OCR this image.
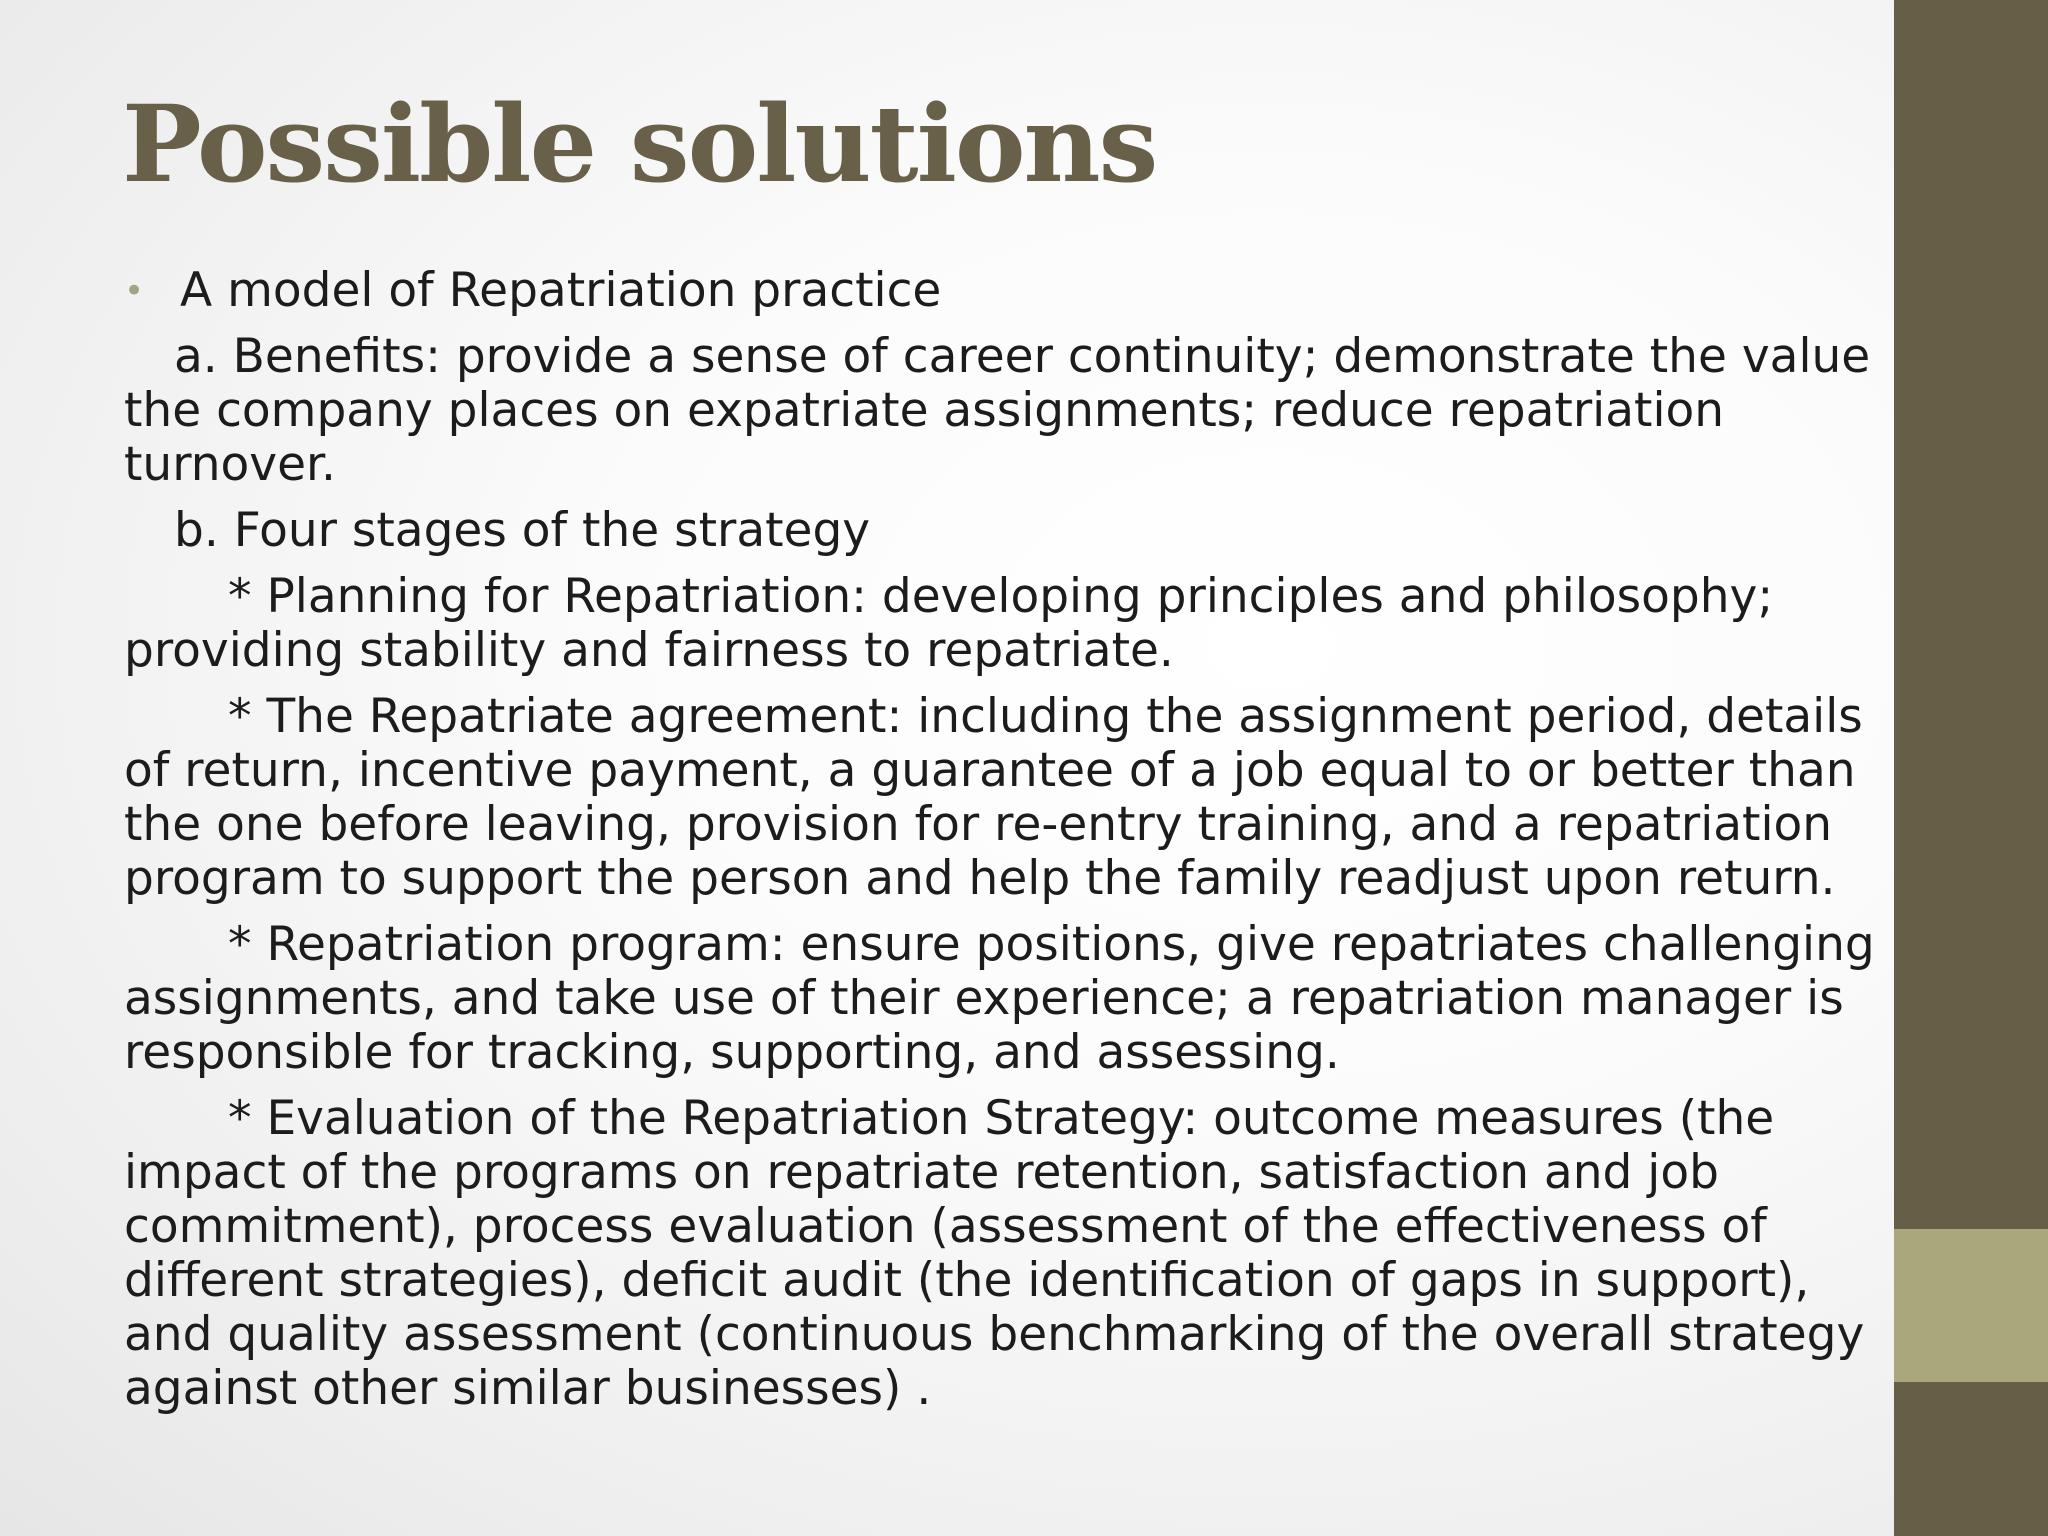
Possible solutions

• A model of Repatriation practice

a. Benefits: provide a sense of career continuity; demonstrate the value the company places on expatriate assignments; reduce repatriation turnover.

b. Four stages of the strategy

* Planning for Repatriation: developing principles and philosophy; providing stability and fairness to repatriate.

* The Repatriate agreement: including the assignment period, details of return, incentive payment, a guarantee of a job equal to or better than the one before leaving, provision for re-entry training, and a repatriation program to support the person and help the family readjust upon return.

* Repatriation program: ensure positions, give repatriates challenging assignments, and take use of their experience; a repatriation manager is responsible for tracking, supporting, and assessing.

* Evaluation of the Repatriation Strategy: outcome measures (the impact of the programs on repatriate retention, satisfaction and job commitment), process evaluation (assessment of the effectiveness of different strategies), deficit audit (the identification of gaps in support), and quality assessment (continuous benchmarking of the overall strategy against other similar businesses) .
